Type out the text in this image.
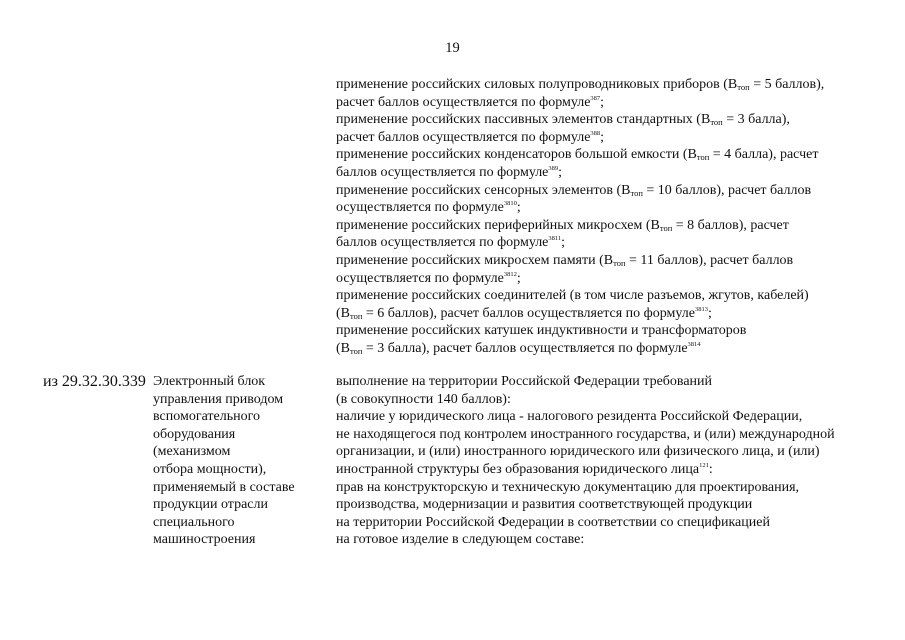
19
применение российских силовых полупроводниковых приборов ($B_{топ} = 5$ баллов),
расчет баллов осуществляется по формуле$^{387}$;
применение российских пассивных элементов стандартных ($B_{топ} = 3$ балла),
расчет баллов осуществляется по формуле$^{388}$;
применение российских конденсаторов большой емкости ($B_{топ} = 4$ балла), расчет
баллов осуществляется по формуле$^{389}$;
применение российских сенсорных элементов ($B_{топ} = 10$ баллов), расчет баллов
осуществляется по формуле$^{3810}$;
применение российских периферийных микросхем ($B_{топ} = 8$ баллов), расчет
баллов осуществляется по формуле$^{3811}$;
применение российских микросхем памяти ($B_{топ} = 11$ баллов), расчет баллов
осуществляется по формуле$^{3812}$;
применение российских соединителей (в том числе разъемов, жгутов, кабелей)
($B_{топ} = 6$ баллов), расчет баллов осуществляется по формуле$^{3813}$;
применение российских катушек индуктивности и трансформаторов
($B_{топ} = 3$ балла), расчет баллов осуществляется по формуле$^{3814}$
из 29.32.30.339 Электронный блок
управления приводом
вспомогательного
оборудования
(механизмом
отбора мощности),
применяемый в составе
продукции отрасли
специального
машиностроения
выполнение на территории Российской Федерации требований
(в совокупности 140 баллов):
наличие у юридического лица - налогового резидента Российской Федерации,
не находящегося под контролем иностранного государства, и (или) международной
организации, и (или) иностранного юридического или физического лица, и (или)
иностранной структуры без образования юридического лица$^{121}$:
прав на конструкторскую и техническую документацию для проектирования,
производства, модернизации и развития соответствующей продукции
на территории Российской Федерации в соответствии со спецификацией
на готовое изделие в следующем составе:
